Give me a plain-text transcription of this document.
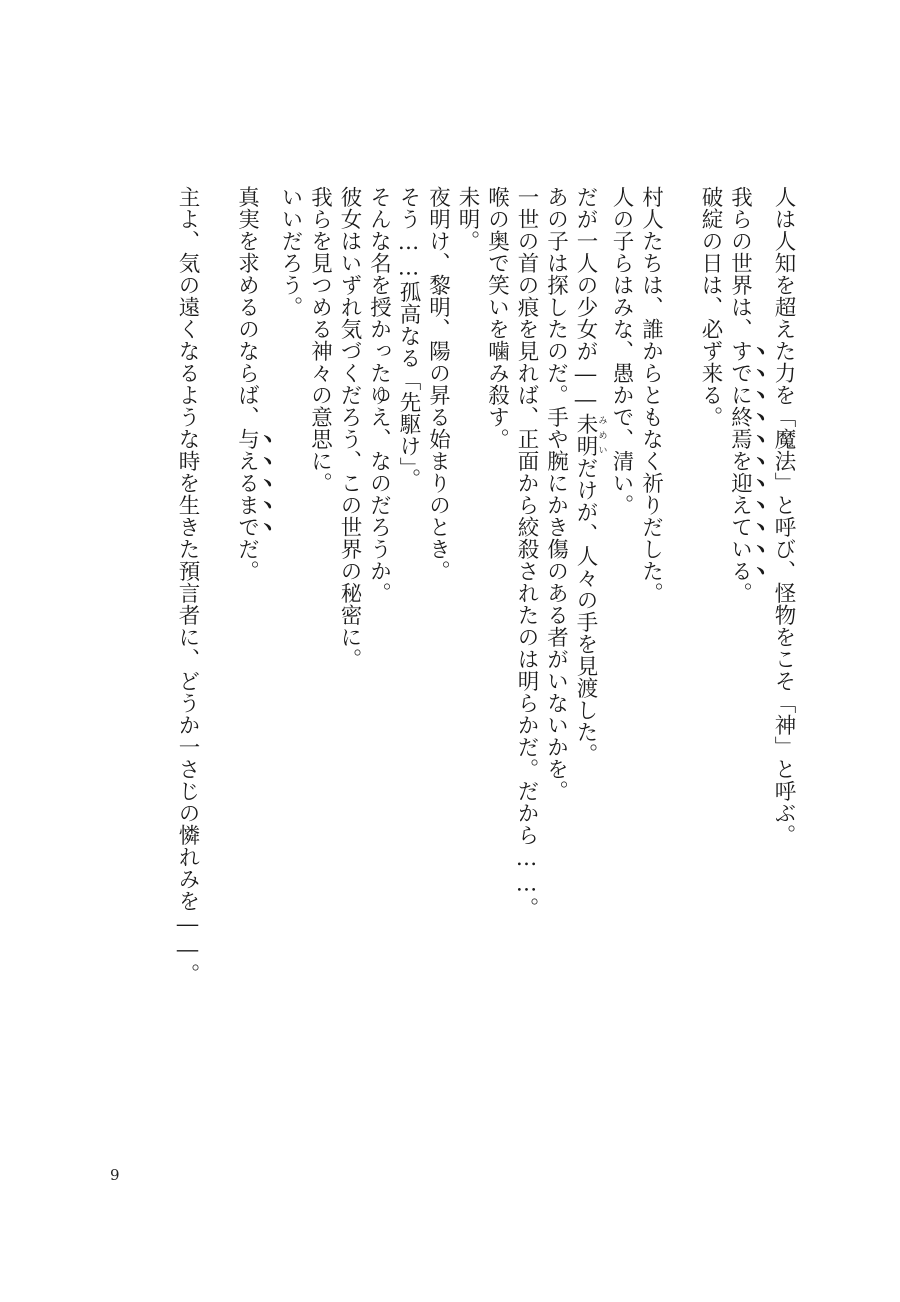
人は人知を超えた力を「魔法」と呼び、怪物をこそ「神」と呼ぶ。
我らの世界は、すでに終焉を迎えている。
破綻の日は、必ず来る。
村人たちは、誰からともなく祈りだした。
人の子らはみな、愚かで、清い。
だが一人の少女が――未明みめいだけが、人々の手を見渡した。
あの子は探したのだ。手や腕にかき傷のある者がいないかを。
一世の首の痕を見れば、正面から絞殺されたのは明らかだ。だから……。
喉の奥で笑いを噛み殺す。
未明。
夜明け、黎明、陽の昇る始まりのとき。
そう……孤高なる「先駆け」。
そんな名を授かったゆえ、なのだろうか。
彼女はいずれ気づくだろう、この世界の秘密に。
我らを見つめる神々の意思に。
いいだろう。
真実を求めるのならば、与えるまでだ。
主よ、気の遠くなるような時を生きた預言者に、どうか一さじの憐れみを――。
9
